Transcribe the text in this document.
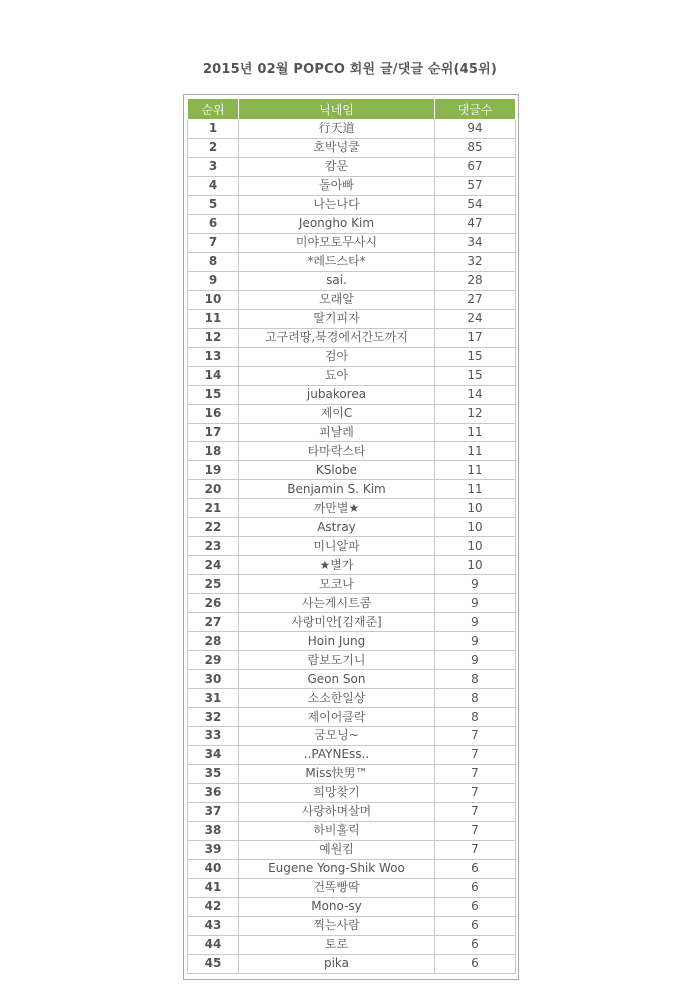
2015년 02월 POPCO 회원 글/댓글 순위(45위)
순위	닉네임	댓글수
1	行天道	94
2	호박넝쿨	85
3	캄문	67
4	돌아빠	57
5	나는나다	54
6	Jeongho Kim	47
7	미야모토무사시	34
8	*레드스타*	32
9	sai.	28
10	모래알	27
11	딸기피자	24
12	고구려땅,북경에서간도까지	17
13	검아	15
14	됴아	15
15	jubakorea	14
16	제이C	12
17	피날레	11
18	타마락스타	11
19	KSlobe	11
20	Benjamin S. Kim	11
21	까만별★	10
22	Astray	10
23	미니알파	10
24	★별가	10
25	모코나	9
26	사는게시트콤	9
27	사랑미안[김재준]	9
28	Hoin Jung	9
29	람보도기니	9
30	Geon Son	8
31	소소한일상	8
32	제이어클락	8
33	굼모닝~	7
34	..PAYNEss..	7
35	Miss快男™	7
36	희망찾기	7
37	사랑하며살며	7
38	하비홀릭	7
39	예원킴	7
40	Eugene Yong-Shik Woo	6
41	건똑빵딱	6
42	Mono-sy	6
43	찍는사람	6
44	토로	6
45	pika	6
